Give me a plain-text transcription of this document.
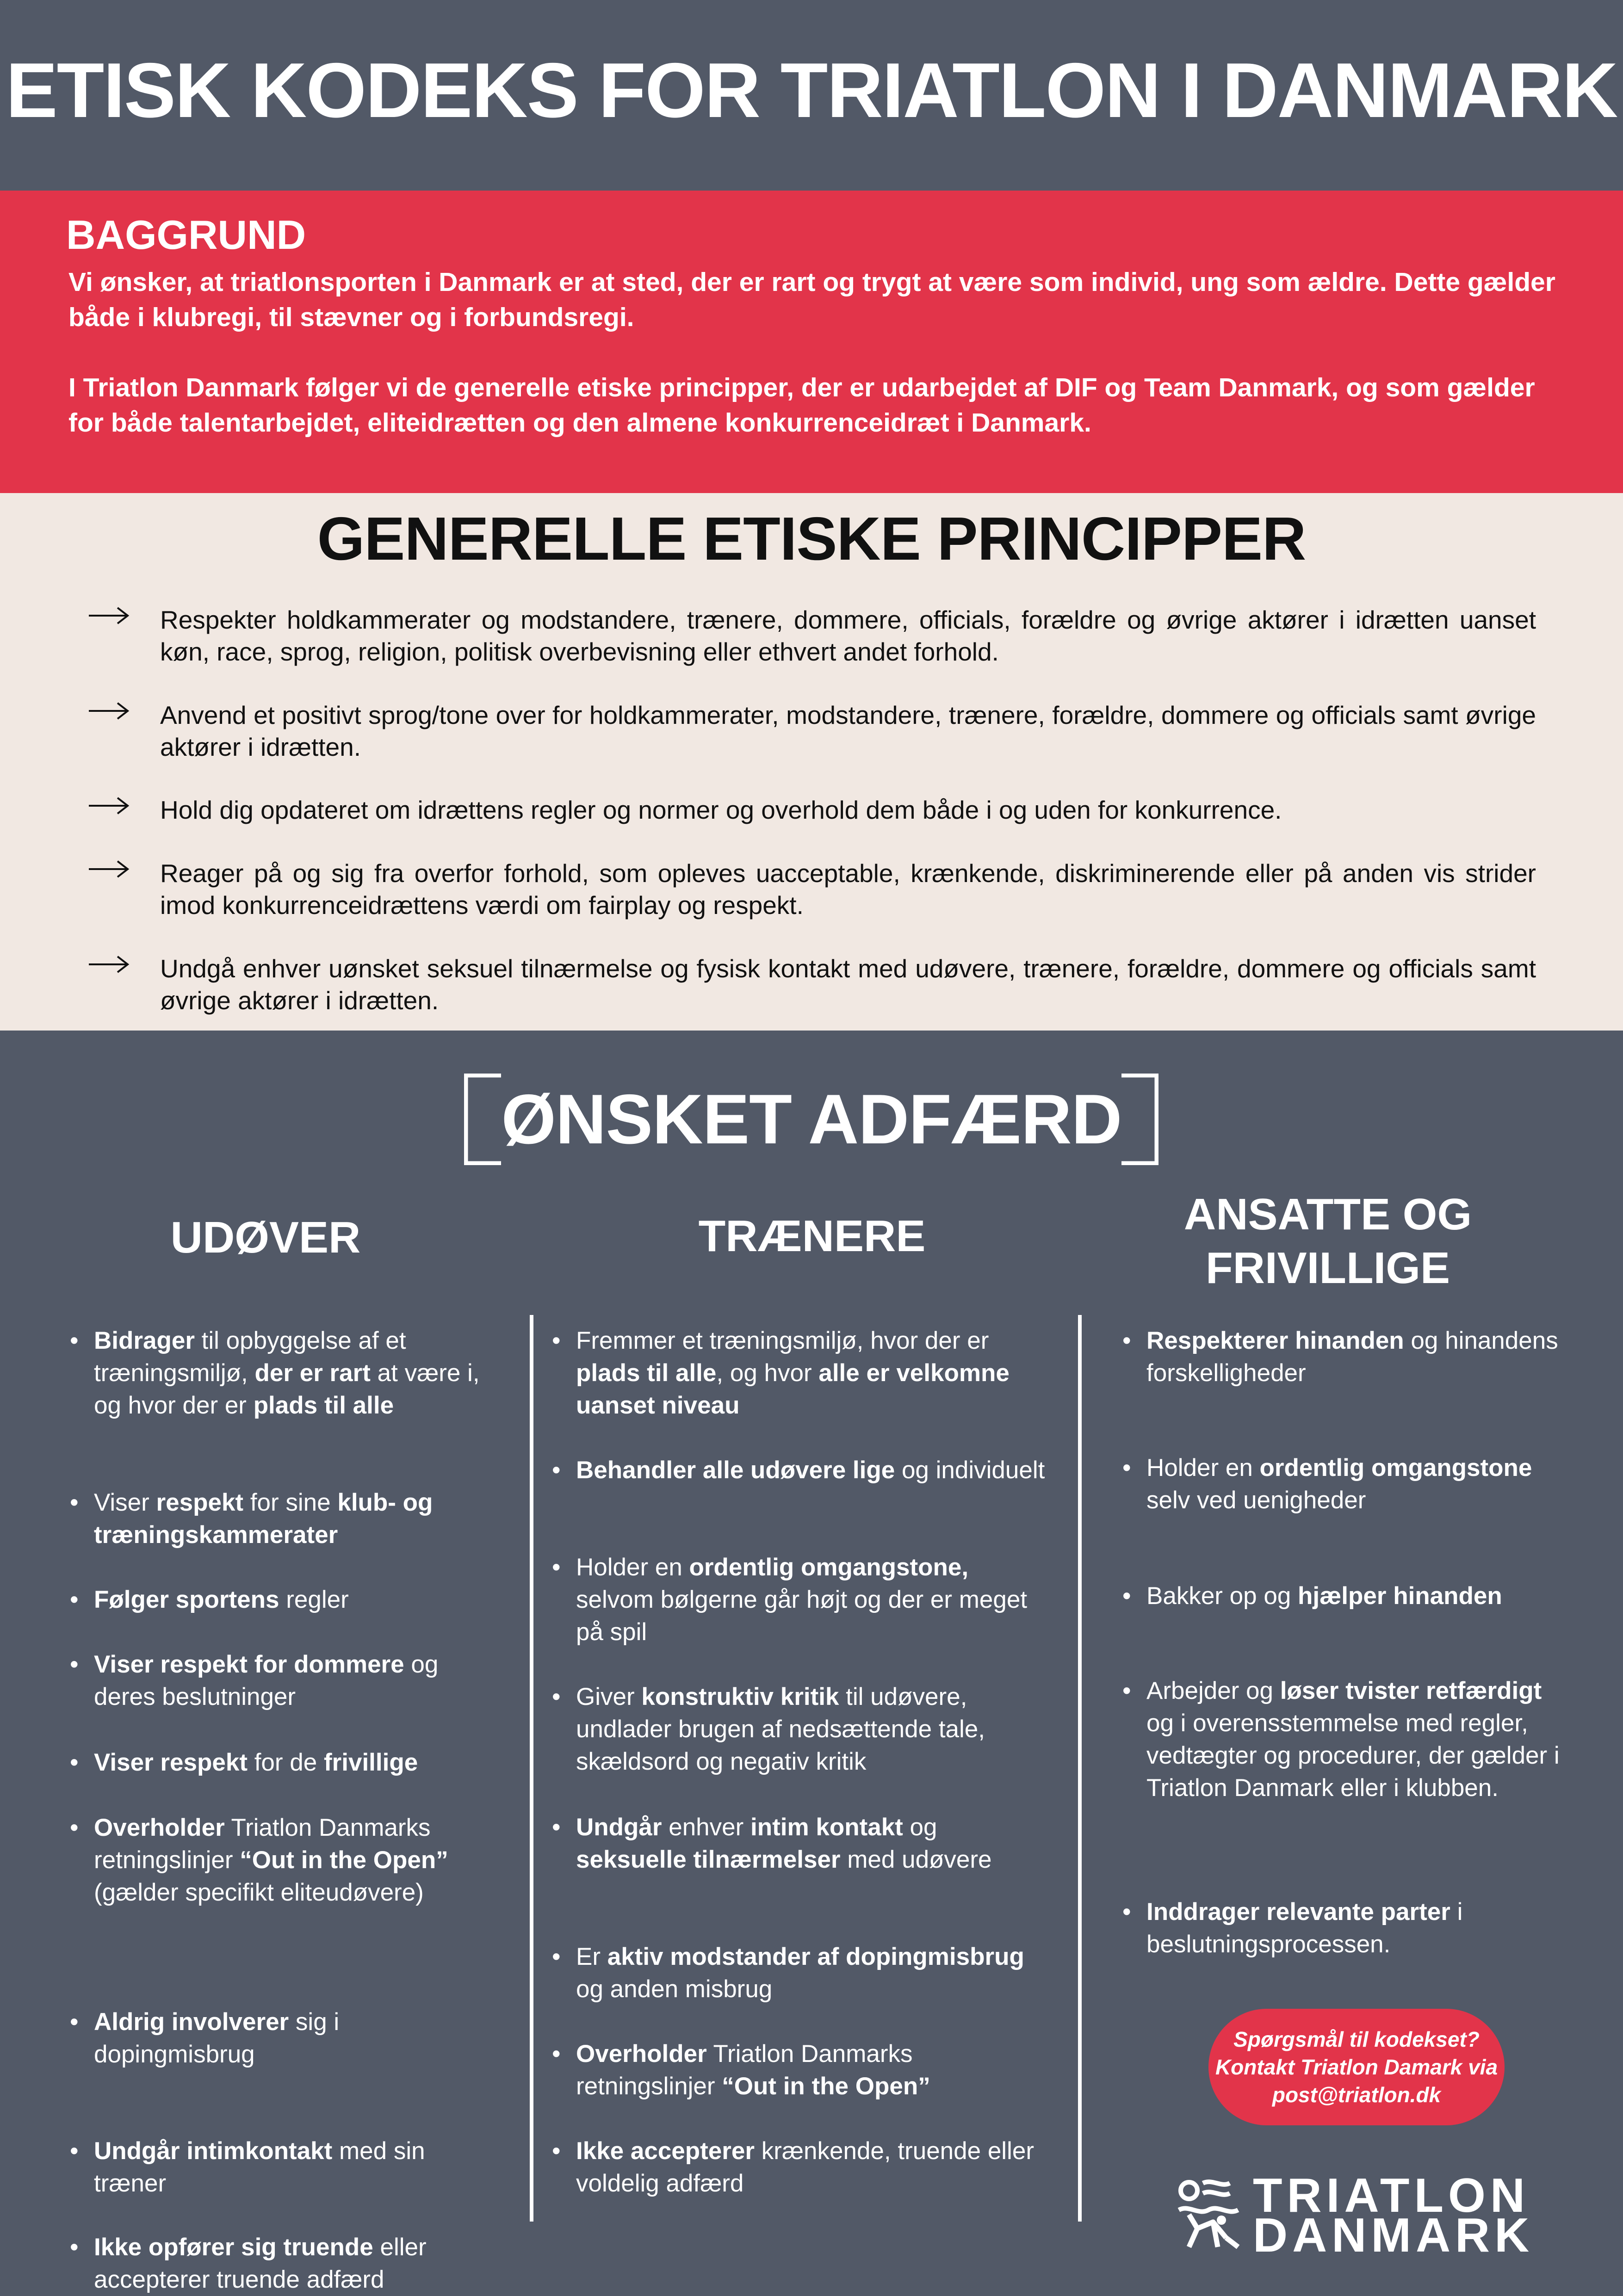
ETISK KODEKS FOR TRIATLON I DANMARK
BAGGRUND

Vi ønsker, at triatlonsporten i Danmark er at sted, der er rart og trygt at være som individ, ung som ældre. Dette gælder både i klubregi, til stævner og i forbundsregi.

I Triatlon Danmark følger vi de generelle etiske principper, der er udarbejdet af DIF og Team Danmark, og som gælder for både talentarbejdet, eliteidrætten og den almene konkurrenceidræt i Danmark.

GENERELLE ETISKE PRINCIPPER

Respekter holdkammerater og modstandere, trænere, dommere, officials, forældre og øvrige aktører i idrætten uanset køn, race, sprog, religion, politisk overbevisning eller ethvert andet forhold.

Anvend et positivt sprog/tone over for holdkammerater, modstandere, trænere, forældre, dommere og officials samt øvrige aktører i idrætten.

Hold dig opdateret om idrættens regler og normer og overhold dem både i og uden for konkurrence.

Reager på og sig fra overfor forhold, som opleves uacceptable, krænkende, diskriminerende eller på anden vis strider imod konkurrenceidrættens værdi om fairplay og respekt.

Undgå enhver uønsket seksuel tilnærmelse og fysisk kontakt med udøvere, trænere, forældre, dommere og officials samt øvrige aktører i idrætten.

ØNSKET ADFÆRD
UDØVER	TRÆNERE	ANSATTE OG FRIVILLIGE
• Bidrager til opbyggelse af et træningsmiljø, der er rart at være i, og hvor der er plads til alle
• Viser respekt for sine klub- og træningskammerater
• Følger sportens regler
• Viser respekt for dommere og deres beslutninger
• Viser respekt for de frivillige
• Overholder Triatlon Danmarks retningslinjer “Out in the Open” (gælder specifikt eliteudøvere)
• Aldrig involverer sig i dopingmisbrug
• Undgår intimkontakt med sin træner
• Ikke opfører sig truende eller accepterer truende adfærd
• Fremmer et træningsmiljø, hvor der er plads til alle, og hvor alle er velkomne uanset niveau
• Behandler alle udøvere lige og individuelt
• Holder en ordentlig omgangstone, selvom bølgerne går højt og der er meget på spil
• Giver konstruktiv kritik til udøvere, undlader brugen af nedsættende tale, skældsord og negativ kritik
• Undgår enhver intim kontakt og seksuelle tilnærmelser med udøvere
• Er aktiv modstander af dopingmisbrug og anden misbrug
• Overholder Triatlon Danmarks retningslinjer “Out in the Open”
• Ikke accepterer krænkende, truende eller voldelig adfærd
• Respekterer hinanden og hinandens forskelligheder
• Holder en ordentlig omgangstone selv ved uenigheder
• Bakker op og hjælper hinanden
• Arbejder og løser tvister retfærdigt og i overensstemmelse med regler, vedtægter og procedurer, der gælder i Triatlon Danmark eller i klubben.
• Inddrager relevante parter i beslutningsprocessen.
Spørgsmål til kodekset?
Kontakt Triatlon Damark via
post@triatlon.dk

TRIATLON

DANMARK
